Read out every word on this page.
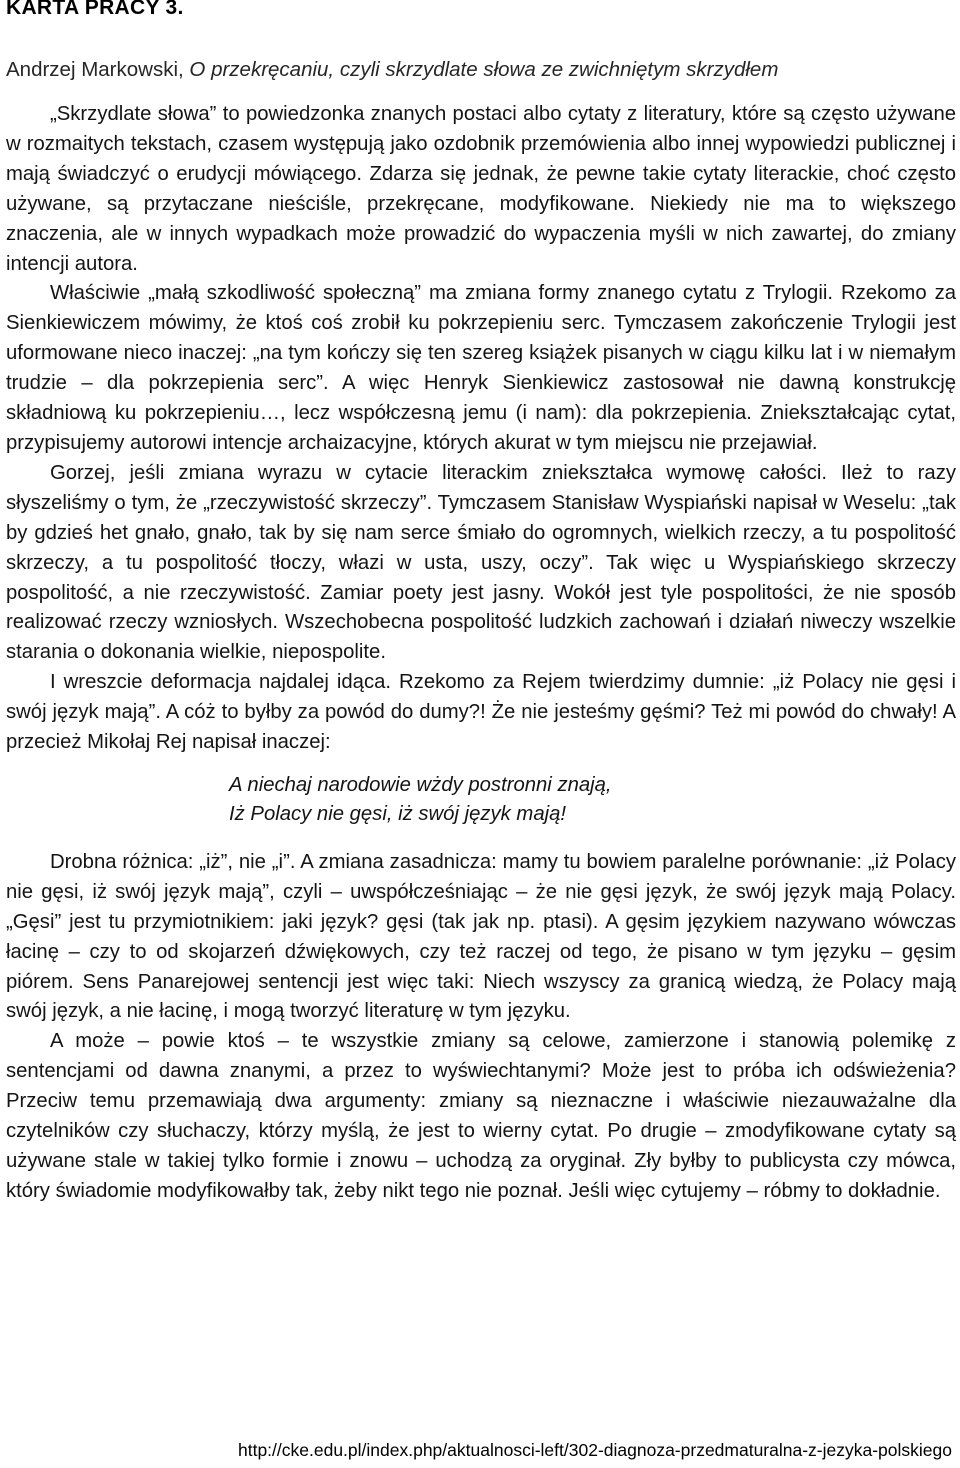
KARTA PRACY 3.
Andrzej Markowski, O przekręcaniu, czyli skrzydlate słowa ze zwichniętym skrzydłem

„Skrzydlate słowa” to powiedzonka znanych postaci albo cytaty z literatury, które są często używane w rozmaitych tekstach, czasem występują jako ozdobnik przemówienia albo innej wypowiedzi publicznej i mają świadczyć o erudycji mówiącego. Zdarza się jednak, że pewne takie cytaty literackie, choć często używane, są przytaczane nieściśle, przekręcane, modyfikowane. Niekiedy nie ma to większego znaczenia, ale w innych wypadkach może prowadzić do wypaczenia myśli w nich zawartej, do zmiany intencji autora.

Właściwie „małą szkodliwość społeczną” ma zmiana formy znanego cytatu z Trylogii. Rzekomo za Sienkiewiczem mówimy, że ktoś coś zrobił ku pokrzepieniu serc. Tymczasem zakończenie Trylogii jest uformowane nieco inaczej: „na tym kończy się ten szereg książek pisanych w ciągu kilku lat i w niemałym trudzie – dla pokrzepienia serc”. A więc Henryk Sienkiewicz zastosował nie dawną konstrukcję składniową ku pokrzepieniu…, lecz współczesną jemu (i nam): dla pokrzepienia. Zniekształcając cytat, przypisujemy autorowi intencje archaizacyjne, których akurat w tym miejscu nie przejawiał.

Gorzej, jeśli zmiana wyrazu w cytacie literackim zniekształca wymowę całości. Ileż to razy słyszeliśmy o tym, że „rzeczywistość skrzeczy”. Tymczasem Stanisław Wyspiański napisał w Weselu: „tak by gdzieś het gnało, gnało, tak by się nam serce śmiało do ogromnych, wielkich rzeczy, a tu pospolitość skrzeczy, a tu pospolitość tłoczy, włazi w usta, uszy, oczy”. Tak więc u Wyspiańskiego skrzeczy pospolitość, a nie rzeczywistość. Zamiar poety jest jasny. Wokół jest tyle pospolitości, że nie sposób realizować rzeczy wzniosłych. Wszechobecna pospolitość ludzkich zachowań i działań niweczy wszelkie starania o dokonania wielkie, niepospolite.

I wreszcie deformacja najdalej idąca. Rzekomo za Rejem twierdzimy dumnie: „iż Polacy nie gęsi i swój język mają”. A cóż to byłby za powód do dumy?! Że nie jesteśmy gęśmi? Też mi powód do chwały! A przecież Mikołaj Rej napisał inaczej:

A niechaj narodowie wżdy postronni znają,
Iż Polacy nie gęsi, iż swój język mają!

Drobna różnica: „iż”, nie „i”. A zmiana zasadnicza: mamy tu bowiem paralelne porównanie: „iż Polacy nie gęsi, iż swój język mają”, czyli – uwspółcześniając – że nie gęsi język, że swój język mają Polacy. „Gęsi” jest tu przymiotnikiem: jaki język? gęsi (tak jak np. ptasi). A gęsim językiem nazywano wówczas łacinę – czy to od skojarzeń dźwiękowych, czy też raczej od tego, że pisano w tym języku – gęsim piórem. Sens Panarejowej sentencji jest więc taki: Niech wszyscy za granicą wiedzą, że Polacy mają swój język, a nie łacinę, i mogą tworzyć literaturę w tym języku.

A może – powie ktoś – te wszystkie zmiany są celowe, zamierzone i stanowią polemikę z sentencjami od dawna znanymi, a przez to wyświechtanymi? Może jest to próba ich odświeżenia? Przeciw temu przemawiają dwa argumenty: zmiany są nieznaczne i właściwie niezauważalne dla czytelników czy słuchaczy, którzy myślą, że jest to wierny cytat. Po drugie – zmodyfikowane cytaty są używane stale w takiej tylko formie i znowu – uchodzą za oryginał. Zły byłby to publicysta czy mówca, który świadomie modyfikowałby tak, żeby nikt tego nie poznał. Jeśli więc cytujemy – róbmy to dokładnie.

http://cke.edu.pl/index.php/aktualnosci-left/302-diagnoza-przedmaturalna-z-jezyka-polskiego
